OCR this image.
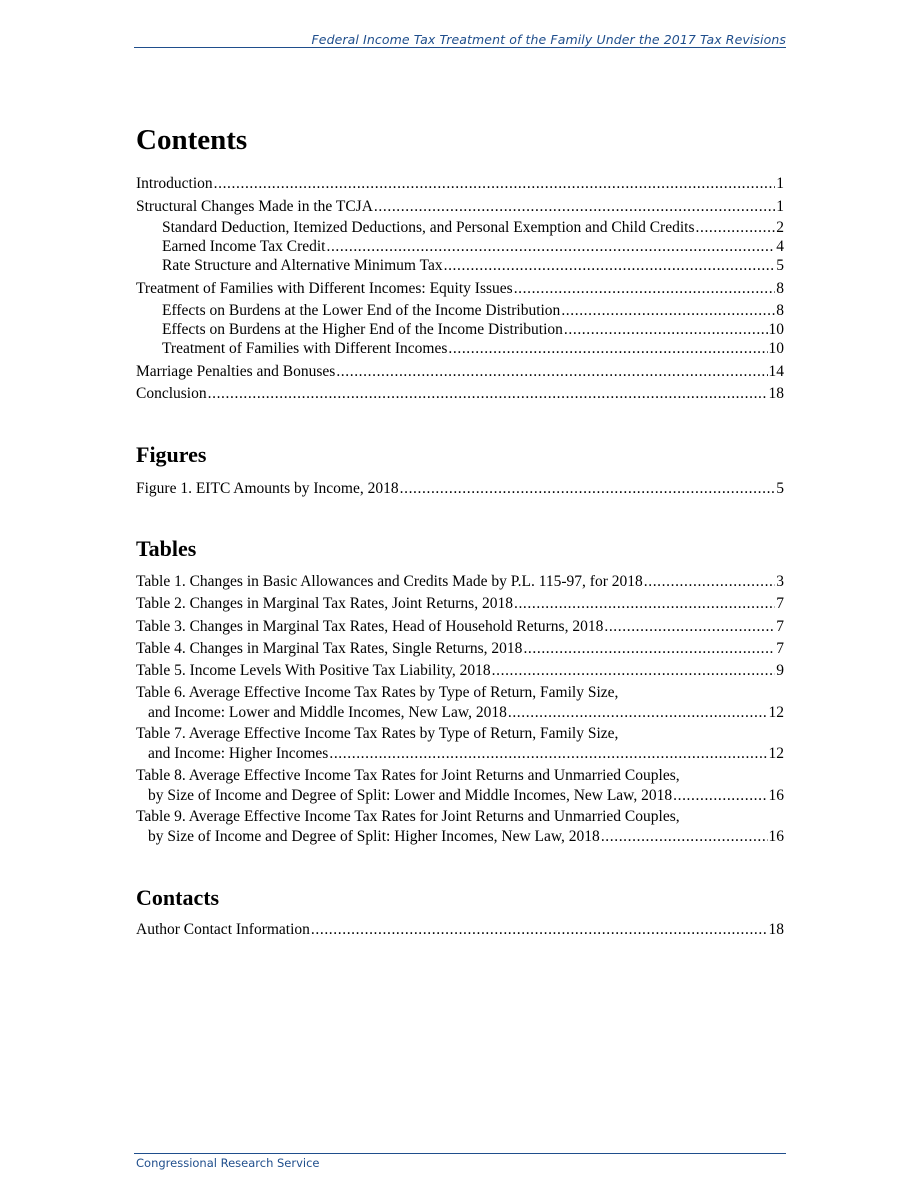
Federal Income Tax Treatment of the Family Under the 2017 Tax Revisions
Contents
Introduction .....	1
Structural Changes Made in the TCJA .....	1
Standard Deduction, Itemized Deductions, and Personal Exemption and Child Credits .....	2
Earned Income Tax Credit .....	4
Rate Structure and Alternative Minimum Tax .....	5
Treatment of Families with Different Incomes: Equity Issues .....	8
Effects on Burdens at the Lower End of the Income Distribution .....	8
Effects on Burdens at the Higher End of the Income Distribution .....	10
Treatment of Families with Different Incomes .....	10
Marriage Penalties and Bonuses .....	14
Conclusion .....	18
Figures
Figure 1. EITC Amounts by Income, 2018 .....	5
Tables
Table 1. Changes in Basic Allowances and Credits Made by P.L. 115-97, for 2018 .....	3
Table 2. Changes in Marginal Tax Rates, Joint Returns, 2018 .....	7
Table 3. Changes in Marginal Tax Rates, Head of Household Returns, 2018 .....	7
Table 4. Changes in Marginal Tax Rates, Single Returns, 2018 .....	7
Table 5. Income Levels With Positive Tax Liability, 2018 .....	9
Table 6. Average Effective Income Tax Rates by Type of Return, Family Size,
and Income: Lower and Middle Incomes, New Law, 2018 .....	12
Table 7. Average Effective Income Tax Rates by Type of Return, Family Size,
and Income: Higher Incomes .....	12
Table 8. Average Effective Income Tax Rates for Joint Returns and Unmarried Couples,
by Size of Income and Degree of Split: Lower and Middle Incomes, New Law, 2018 .....	16
Table 9. Average Effective Income Tax Rates for Joint Returns and Unmarried Couples,
by Size of Income and Degree of Split: Higher Incomes, New Law, 2018 .....	16
Contacts
Author Contact Information .....	18
Congressional Research Service
